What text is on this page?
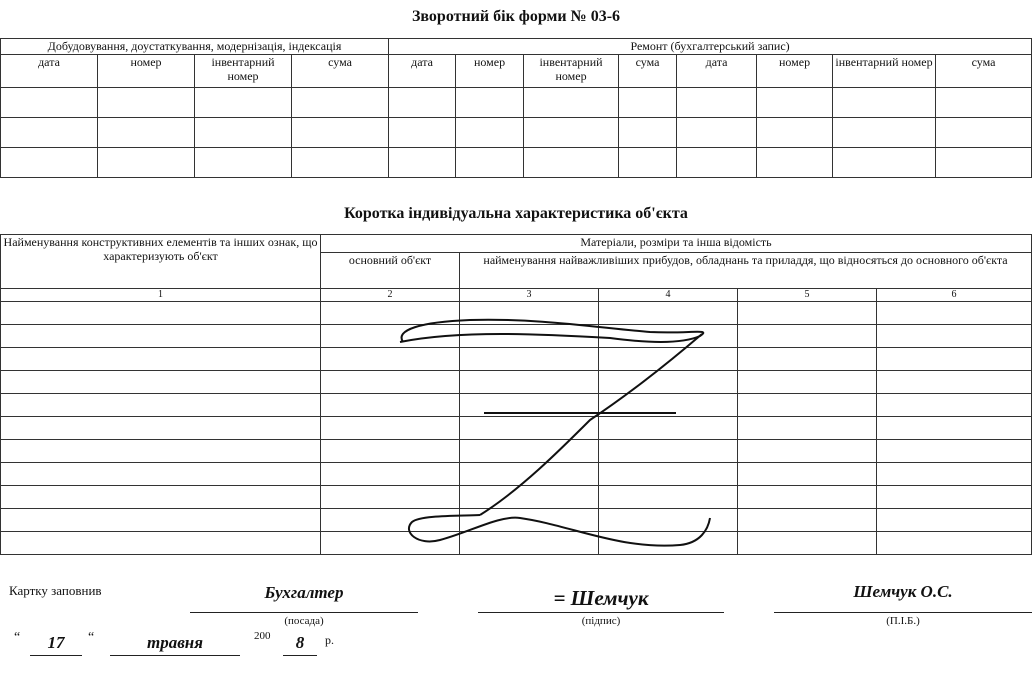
Зворотний бік форми № 03-6
Добудовування, доустаткування, модернізація, індексація				Ремонт (бухгалтерський запис)							
дата	номер	інвентарний номер	сума	дата	номер	інвентарний номер	сума	дата	номер	інвентарний номер	сума

Коротка індивідуальна характеристика об'єкта
Найменування конструктивних елементів та інших ознак, що характеризують об'єкт	Матеріали, розміри та інша відомість				
	основний об'єкт	найменування найважливіших прибудов, обладнань та приладдя, що відносяться до основного об'єкта			
1	2	3	4	5	6

Картку заповнив	Бухгалтер
(посада)
= Шемчук
(підпис)
Шемчук О.С.
(П.І.Б.)
“	17	“	травня	200	8	р.
